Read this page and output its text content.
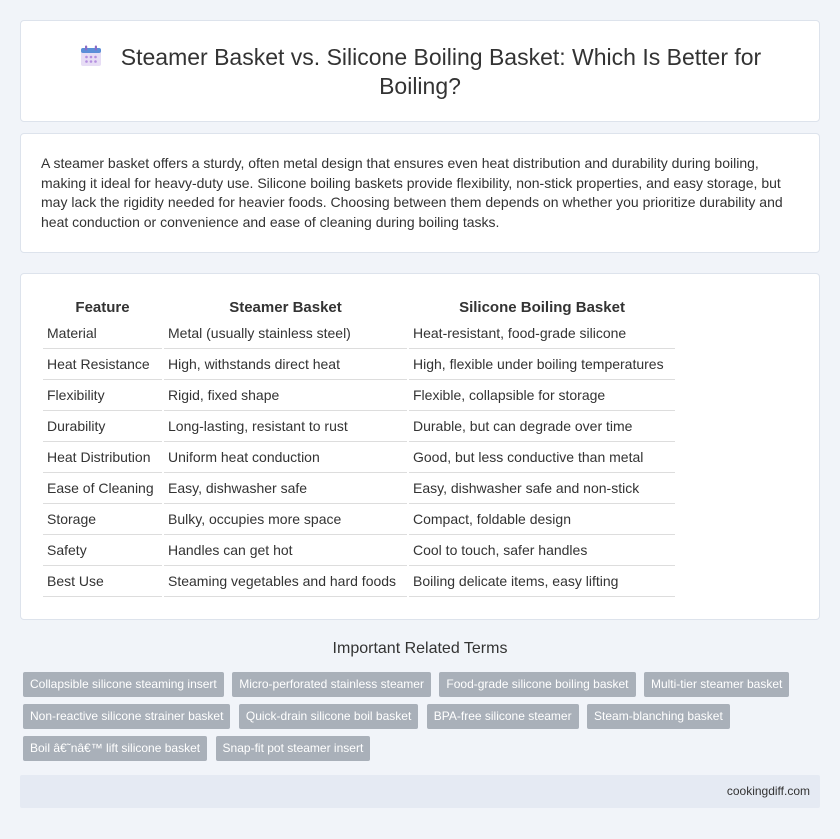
Steamer Basket vs. Silicone Boiling Basket: Which Is Better for Boiling?

A steamer basket offers a sturdy, often metal design that ensures even heat distribution and durability during boiling, making it ideal for heavy-duty use. Silicone boiling baskets provide flexibility, non-stick properties, and easy storage, but may lack the rigidity needed for heavier foods. Choosing between them depends on whether you prioritize durability and heat conduction or convenience and ease of cleaning during boiling tasks.

Feature	Steamer Basket	Silicone Boiling Basket
Material	Metal (usually stainless steel)	Heat-resistant, food-grade silicone
Heat Resistance	High, withstands direct heat	High, flexible under boiling temperatures
Flexibility	Rigid, fixed shape	Flexible, collapsible for storage
Durability	Long-lasting, resistant to rust	Durable, but can degrade over time
Heat Distribution	Uniform heat conduction	Good, but less conductive than metal
Ease of Cleaning	Easy, dishwasher safe	Easy, dishwasher safe and non-stick
Storage	Bulky, occupies more space	Compact, foldable design
Safety	Handles can get hot	Cool to touch, safer handles
Best Use	Steaming vegetables and hard foods	Boiling delicate items, easy lifting
Important Related Terms
Collapsible silicone steaming insert Micro-perforated stainless steamer Food-grade silicone boiling basket Multi-tier steamer basket
Non-reactive silicone strainer basket Quick-drain silicone boil basket BPA-free silicone steamer Steam-blanching basket
Boil â€˜nâ€™ lift silicone basket Snap-fit pot steamer insert
cookingdiff.com
